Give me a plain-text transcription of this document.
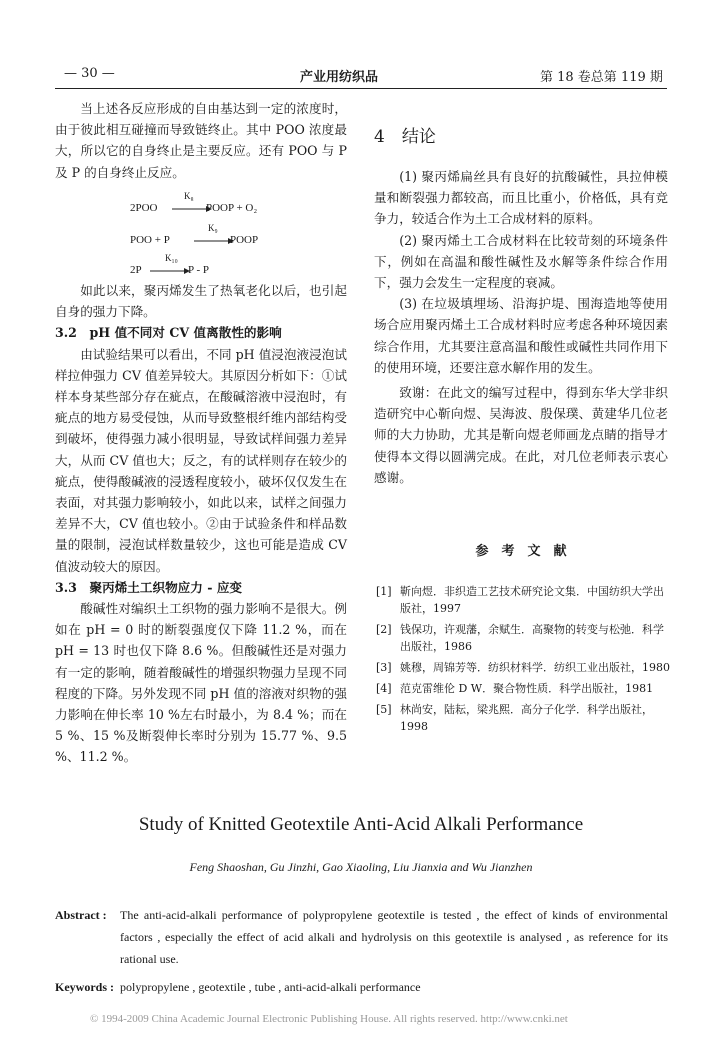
— 30 —	产业用纺织品	第 18 卷总第 119 期

当上述各反应形成的自由基达到一定的浓度时，由于彼此相互碰撞而导致链终止。其中 POO 浓度最大，所以它的自身终止是主要反应。还有 POO 与 P 及 P 的自身终止反应。

2POO
K₈
POOP + O₂
POO + P
K₉
POOP
2P
K₁₀
P - P

如此以来，聚丙烯发生了热氧老化以后，也引起自身的强力下降。

3.2　pH 值不同对 CV 值离散性的影响

由试验结果可以看出，不同 pH 值浸泡液浸泡试样拉伸强力 CV 值差异较大。其原因分析如下：①试样本身某些部分存在疵点，在酸碱溶液中浸泡时，有疵点的地方易受侵蚀，从而导致整根纤维内部结构受到破坏，使得强力减小很明显，导致试样间强力差异大，从而 CV 值也大；反之，有的试样则存在较少的疵点，使得酸碱液的浸透程度较小，破坏仅仅发生在表面，对其强力影响较小，如此以来，试样之间强力差异不大，CV 值也较小。②由于试验条件和样品数量的限制，浸泡试样数量较少，这也可能是造成 CV 值波动较大的原因。

3.3　聚丙烯土工织物应力 - 应变

酸碱性对编织土工织物的强力影响不是很大。例如在 pH = 0 时的断裂强度仅下降 11.2 %，而在 pH = 13 时也仅下降 8.6 %。但酸碱性还是对强力有一定的影响，随着酸碱性的增强织物强力呈现不同程度的下降。另外发现不同 pH 值的溶液对织物的强力影响在伸长率 10 %左右时最小，为 8.4 %；而在 5 %、15 %及断裂伸长率时分别为 15.77 %、9.5 %、11.2 %。

4　结论

(1) 聚丙烯扁丝具有良好的抗酸碱性，具拉伸模量和断裂强力都较高，而且比重小，价格低，具有竞争力，较适合作为土工合成材料的原料。

(2) 聚丙烯土工合成材料在比较苛刻的环境条件下，例如在高温和酸性碱性及水解等条件综合作用下，强力会发生一定程度的衰减。

(3) 在垃圾填埋场、沿海护堤、围海造地等使用场合应用聚丙烯土工合成材料时应考虑各种环境因素综合作用，尤其要注意高温和酸性或碱性共同作用下的使用环境，还要注意水解作用的发生。

致谢：在此文的编写过程中，得到东华大学非织造研究中心靳向煜、吴海波、殷保璞、黄建华几位老师的大力协助，尤其是靳向煜老师画龙点睛的指导才使得本文得以圆满完成。在此，对几位老师表示衷心感谢。

参　考　文　献
[1] 靳向煜．非织造工艺技术研究论文集．中国纺织大学出版社，1997
[2] 钱保功，许观藩，余赋生．高聚物的转变与松弛．科学出版社，1986
[3] 姚穆，周锦芳等．纺织材料学．纺织工业出版社，1980
[4] 范克雷维伦 D W．聚合物性质．科学出版社，1981
[5] 林尚安，陆耘，梁兆熙．高分子化学．科学出版社，1998
Study of Knitted Geotextile Anti-Acid Alkali Performance
Feng Shaoshan, Gu Jinzhi, Gao Xiaoling, Liu Jianxia and Wu Jianzhen
Abstract : The anti-acid-alkali performance of polypropylene geotextile is tested , the effect of kinds of environmental factors , especially the effect of acid alkali and hydrolysis on this geotextile is analysed , as reference for its rational use.
Keywords : polypropylene , geotextile , tube , anti-acid-alkali performance
© 1994-2009 China Academic Journal Electronic Publishing House. All rights reserved. http://www.cnki.net
